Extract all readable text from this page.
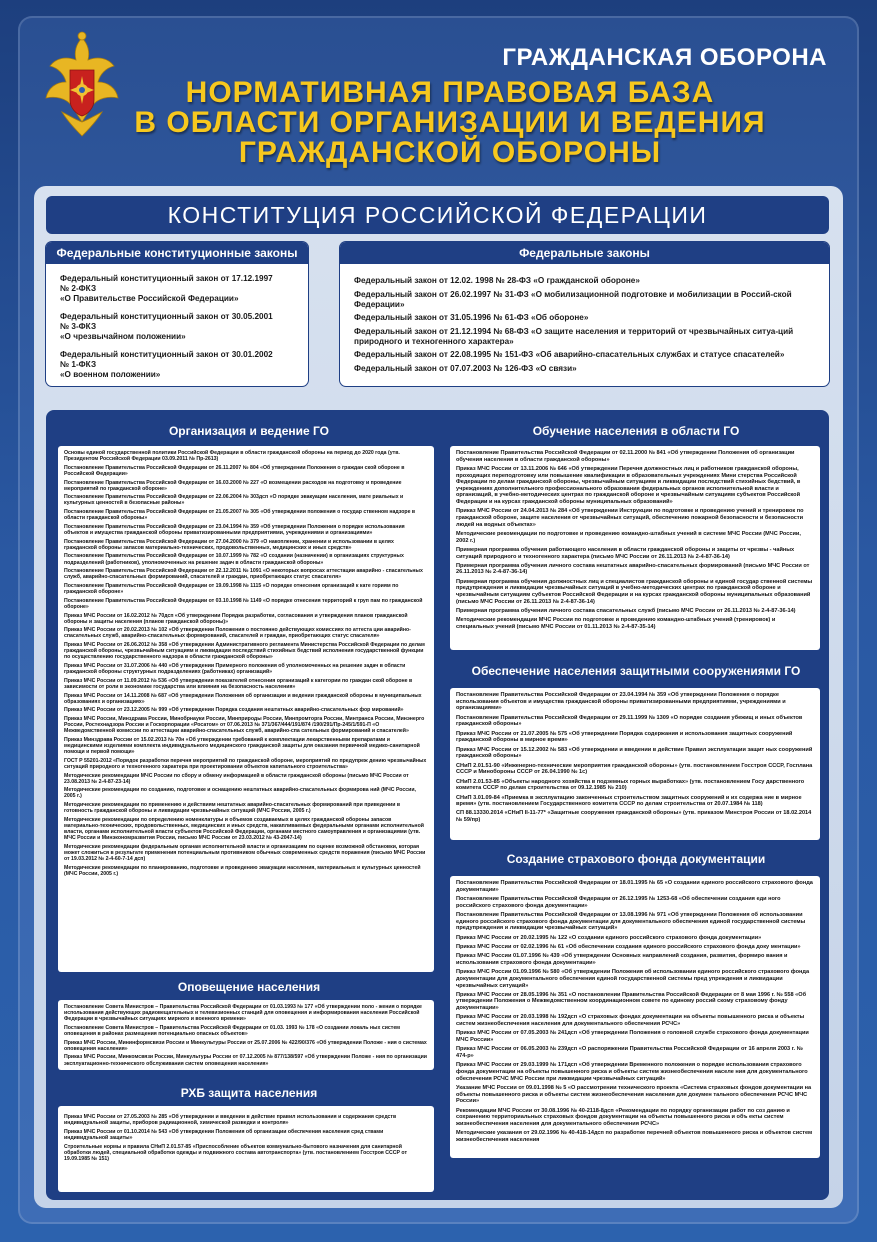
ГРАЖДАНСКАЯ ОБОРОНА
НОРМАТИВНАЯ ПРАВОВАЯ БАЗА
В ОБЛАСТИ ОРГАНИЗАЦИИ И ВЕДЕНИЯ
ГРАЖДАНСКОЙ ОБОРОНЫ
КОНСТИТУЦИЯ РОССИЙСКОЙ ФЕДЕРАЦИИ
Федеральные конституционные законы
Федеральный конституционный закон от 17.12.1997
№ 2-ФКЗ
«О Правительстве Российской Федерации»
Федеральный конституционный закон от 30.05.2001
№ 3-ФКЗ
«О чрезвычайном положении»
Федеральный конституционный закон от 30.01.2002
№ 1-ФКЗ
«О военном положении»
Федеральные законы
Федеральный закон от 12.02. 1998 № 28-ФЗ «О гражданской обороне»
Федеральный закон от 26.02.1997 № 31-ФЗ «О мобилизационной подготовке и мобилизации в Россий-ской Федерации»
Федеральный закон от 31.05.1996 № 61-ФЗ «Об обороне»
Федеральный закон от 21.12.1994 № 68-ФЗ «О защите населения и территорий от чрезвычайных ситуа-ций природного и техногенного характера»
Федеральный закон от 22.08.1995 № 151-ФЗ «Об аварийно-спасательных службах и статусе спасателей»
Федеральный закон от 07.07.2003 № 126-ФЗ «О связи»
Организация и ведение ГО
Основы единой государственной политики Российской Федерации в области гражданской обороны на период до 2020 года (утв. Президентом Российской Федерации 03.09.2011 № Пр-2613)
Постановление Правительства Российской Федерации от 26.11.2007 № 804 «Об утверждении Положения о граждан ской обороне в Российской Федерации»
Постановление Правительства Российской Федерации от 16.03.2000 № 227 «О возмещении расходов на подготовку и проведение мероприятий по гражданской обороне»
Постановление Правительства Российской Федерации от 22.06.2004 № 303дсп «О порядке эвакуации населения, мате риальных и культурных ценностей в безопасные районы»
Постановление Правительства Российской Федерации от 21.05.2007 № 305 «Об утверждении положения о государ ственном надзоре в области гражданской обороны»
Постановление Правительства Российской Федерации от 23.04.1994 № 359 «Об утверждении Положения о порядке использования объектов и имущества гражданской обороны приватизированными предприятиями, учреждениями и организациями»
Постановление Правительства Российской Федерации от 27.04.2000 № 379 «О накоплении, хранении и использовании в целях гражданской обороны запасов материально-технических, продовольственных, медицинских и иных средств»
Постановление Правительства Российской Федерации от 10.07.1999 № 782 «О создании (назначении) в организациях структурных подразделений (работников), уполномоченных на решение задач в области гражданской обороны»
Постановление Правительства Российской Федерации от 22.12.2011 № 1091 «О некоторых вопросах аттестации аварийно - спасательных служб, аварийно-спасательных формирований, спасателей и граждан, приобретающих статус спасателя»
Постановление Правительства Российской Федерации от 19.09.1998 № 1115 «О порядке отнесения организаций к кате гориям по гражданской обороне»
Постановление Правительства Российской Федерации от 03.10.1998 № 1149 «О порядке отнесения территорий к груп пам по гражданской обороне»
Приказ МЧС России от 16.02.2012 № 70дсп «Об утверждении Порядка разработки, согласования и утверждения планов гражданской обороны и защиты населения (планов гражданской обороны)»
Приказ МЧС России от 20.02.2013 № 102 «Об утверждении Положения о постоянно действующих комиссиях по аттеста ции аварийно-спасательных служб, аварийно-спасательных формирований, спасателей и граждан, приобретающих статус спасателя»
Приказ МЧС России от 26.06.2012 № 358 «Об утверждении Административного регламента Министерства Российской Федерации по делам гражданской обороны, чрезвычайным ситуациям и ликвидации последствий стихийных бедствий исполнения государственной функции по осуществлению государственного надзора в области гражданской обороны»
Приказ МЧС России от 31.07.2006 № 440 «Об утверждении Примерного положения об уполномоченных на решение задач в области гражданской обороны структурных подразделениях (работниках) организаций»
Приказ МЧС России от 11.09.2012 № 536 «Об утверждении показателей отнесения организаций к категории по граждан ской обороне в зависимости от роли в экономике государства или влияния на безопасность населения»
Приказ МЧС России от 14.11.2008 № 687 «Об утверждении Положения об организации и ведении гражданской обороны в муниципальных образованиях и организациях»
Приказ МЧС России от 23.12.2005 № 999 «Об утверждении Порядка создания нештатных аварийно-спасательных фор мирований»
Приказ МЧС России, Минздрава России, Минобрнауки России, Минприроды России, Минпромторга России, Минтранса России, Минэнерго России, Ростехнадзора России и Госкорпорации «Росатом» от 07.06.2013 № 371/367/444/191/874 /190/291/Пр-245/1/591-П «О Межведомственной комиссии по аттестации аварийно-спасательных служб, аварийно-спа сательных формирований и спасателей»
Приказ Минздрава России от 15.02.2013 № 70н «Об утверждении требований к комплектации лекарственными препаратами и медицинскими изделиями комплекта индивидуального медицинского гражданской защиты для оказания первичной медико-санитарной помощи и первой помощи»
ГОСТ Р 55201-2012 «Порядок разработки перечня мероприятий по гражданской обороне, мероприятий по предупреж дению чрезвычайных ситуаций природного и техногенного характера при проектировании объектов капитального строительства»
Методические рекомендации МЧС России по сбору и обмену информацией в области гражданской обороны (письмо МЧС России от 23.08.2013 № 2-4-87-23-14)
Методические рекомендации по созданию, подготовке и оснащению нештатных аварийно-спасательных формирова ний (МЧС России, 2005 г.)
Методические рекомендации по применению и действиям нештатных аварийно-спасательных формирований при приведении в готовность гражданской обороны и ликвидации чрезвычайных ситуаций (МЧС России, 2005 г.)
Методические рекомендации по определению номенклатуры и объемов создаваемых в целях гражданской обороны запасов материально-технических, продовольственных, медицинских и иных средств, накапливаемых федеральными органами исполнительной власти, органами исполнительной власти субъектов Российской Федерации, органами местного самоуправления и организациями (утв. МЧС России и Минэкономразвития России, письмо МЧС России от 23.03.2012 № 43-2047-14)
Методические рекомендации федеральным органам исполнительной власти и организациям по оценке возможной обстановки, которая может сложиться в результате применения потенциальным противником обычных современных средств поражения (письмо МЧС России от 19.03.2012 № 2-4-60-7-14 дсп)
Методические рекомендации по планированию, подготовке и проведению эвакуации населения, материальных и культурных ценностей (МЧС России, 2005 г.)
Оповещение населения
Постановление Совета Министров – Правительства Российской Федерации от 01.03.1993 № 177 «Об утверждении поло - жения о порядке использования действующих радиовещательных и телевизионных станций для оповещения и информирования населения Российской Федерации в чрезвычайных ситуациях мирного и военного времени»
Постановление Совета Министров – Правительства Российской Федерации от 01.03. 1993 № 178 «О создании локаль ных систем оповещения в районах размещения потенциально опасных объектов»
Приказ МЧС России, Мининформсвязи России и Минкультуры России от 25.07.2006 № 422/90/376 «Об утверждении Положе - ния о системах оповещения населения»
Приказ МЧС России, Минкомсвязи России, Минкультуры России от 07.12.2005 № 877/138/597 «Об утверждении Положе - ния по организации эксплуатационно-технического обслуживания систем оповещения населения»
РХБ защита населения
Приказ МЧС России от 27.05.2003 № 285 «Об утверждении и введении в действие правил использования и содержания средств индивидуальной защиты, приборов радиационной, химической разведки и контроля»
Приказ МЧС России от 01.10.2014 № 543 «Об утверждении Положения об организации обеспечения населения сред ствами индивидуальной защиты»
Строительные нормы и правила СНиП 2.01.57-85 «Приспособление объектов коммунально-бытового назначения для санитарной обработки людей, специальной обработки одежды и подвижного состава автотранспорта» (утв. постановлением Госстроя СССР от 19.09.1985 № 151)
Обучение населения в области ГО
Постановление Правительства Российской Федерации от 02.11.2000 № 841 «Об утверждении Положения об организации обучения населения в области гражданской обороны»
Приказ МЧС России от 13.11.2006 № 646 «Об утверждении Перечня должностных лиц и работников гражданской обороны, проходящих переподготовку или повышение квалификации в образовательных учреждениях Мини стерства Российской Федерации по делам гражданской обороны, чрезвычайным ситуациям и ликвидации последствий стихийных бедствий, в учреждениях дополнительного профессионального образования федеральных органов исполнительной власти и организаций, в учебно-методических центрах по гражданской обороне и чрезвычайным ситуациям субъектов Российской Федерации и на курсах гражданской обороны муниципальных образований»
Приказ МЧС России от 24.04.2013 № 284 «Об утверждении Инструкции по подготовке и проведению учений и тренировок по гражданской обороне, защите населения от чрезвычайных ситуаций, обеспечению пожарной безопасности и безопасности людей на водных объектах»
Методические рекомендации по подготовке и проведению командно-штабных учений в системе МЧС России (МЧС России, 2002 г.)
Примерная программа обучения работающего населения в области гражданской обороны и защиты от чрезвы - чайных ситуаций природного и техногенного характера (письмо МЧС России от 26.11.2013 № 2-4-87-36-14)
Примерная программа обучения личного состава нештатных аварийно-спасательных формирований (письмо МЧС России от 26.11.2013 № 2-4-87-36-14)
Примерная программа обучения должностных лиц и специалистов гражданской обороны и единой государ ственной системы предупреждения и ликвидации чрезвычайных ситуаций в учебно-методических центрах по гражданской обороне и чрезвычайным ситуациям субъектов Российской Федерации и на курсах гражданской обороны муниципальных образований (письмо МЧС России от 26.11.2013 № 2-4-87-36-14)
Примерная программа обучения личного состава спасательных служб (письмо МЧС России от 26.11.2013 № 2-4-87-36-14)
Методические рекомендации МЧС России по подготовке и проведению командно-штабных учений (тренировок) и специальных учений (письмо МЧС России от 01.11.2013 № 2-4-87-35-14)
Обеспечение населения защитными сооружениями ГО
Постановление Правительства Российской Федерации от 23.04.1994 № 359 «Об утверждении Положения о порядке использования объектов и имущества гражданской обороны приватизированными предприятиями, учреждениями и организациями»
Постановление Правительства Российской Федерации от 29.11.1999 № 1309 «О порядке создания убежищ и иных объектов гражданской обороны»
Приказ МЧС России от 21.07.2005 № 575 «Об утверждении Порядка содержания и использования защитных сооружений гражданской обороны в мирное время»
Приказ МЧС России от 15.12.2002 № 583 «Об утверждении и введении в действие Правил эксплуатации защит ных сооружений гражданской обороны»
СНиП 2.01.51-90 «Инженерно-технические мероприятия гражданской обороны» (утв. постановлением Госстроя СССР, Госплана СССР и Минобороны СССР от 26.04.1990 № 1с)
СНиП 2.01.53-85 «Объекты народного хозяйства в подземных горных выработках» (утв. постановлением Госу дарственного комитета СССР по делам строительства от 09.12.1985 № 210)
СНиП 3.01.09-84 «Приемка в эксплуатацию законченных строительством защитных сооружений и их содержа ние в мирное время» (утв. постановлением Государственного комитета СССР по делам строительства от 20.07.1984 № 118)
СП 88.13330.2014 «СНиП II-11-77* «Защитные сооружения гражданской обороны» (утв. приказом Минстроя России от 18.02.2014 № 59/пр)
Создание страхового фонда документации
Постановление Правительства Российской Федерации от 18.01.1995 № 65 «О создании единого российского страхового фонда документации»
Постановление Правительства Российской Федерации от 26.12.1995 № 1253-68 «Об обеспечении создания еди ного российского страхового фонда документации»
Постановление Правительства Российской Федерации от 13.08.1996 № 971 «Об утверждении Положения об использовании единого российского страхового фонда документации для документального обеспечения единой государственной системы предупреждения и ликвидации чрезвычайных ситуаций»
Приказ МЧС России от 20.02.1995 № 122 «О создании единого российского страхового фонда документации»
Приказ МЧС России от 02.02.1996 № 61 «Об обеспечении создания единого российского страхового фонда доку ментации»
Приказ МЧС России 01.07.1996 № 439 «Об утверждении Основных направлений создания, развития, формиро вания и использования страхового фонда документации»
Приказ МЧС России 01.09.1996 № 580 «Об утверждении Положения об использовании единого российского страхового фонда документации для документального обеспечения единой государственной системы пред упреждения и ликвидации чрезвычайных ситуаций»
Приказ МЧС России от 28.05.1996 № 351 «О постановлении Правительства Российской Федерации от 8 мая 1996 г. № 558 «Об утверждении Положения о Межведомственном координационном совете по единому россий скому страховому фонду документации»
Приказ МЧС России от 20.03.1998 № 192дсп «О страховых фондах документации на объекты повышенного риска и объекты систем жизнеобеспечения населения для документального обеспечения РСЧС»
Приказ МЧС России от 07.05.2003 № 241дсп «Об утверждении Положения о головной службе страхового фонда документации МЧС России»
Приказ МЧС России от 06.05.2003 № 239дсп «О распоряжении Правительства Российской Федерации от 16 апреля 2003 г. № 474-р»
Приказ МЧС России от 29.03.1999 № 171дсп «Об утверждении Временного положения о порядке использования страхового фонда документации на объекты повышенного риска и объекты систем жизнеобеспечения населе ния для документального обеспечения РСЧС МЧС России при ликвидации чрезвычайных ситуаций»
Указание МЧС России от 09.01.1998 № 5 «О рассмотрении технического проекта «Система страховых фондов документации на объекты повышенного риска и объекты систем жизнеобеспечения населения для докумен тального обеспечения РСЧС МЧС России»
Рекомендации МЧС России от 30.08.1996 № 40-2118-8дсп «Рекомендации по порядку организации работ по соз данию и сохранению территориальных страховых фондов документации на объекты повышенного риска и объ екты систем жизнеобеспечения населения для документального обеспечения РСЧС»
Методические указания от 29.02.1996 № 40-418-14дсп по разработке перечней объектов повышенного риска и объектов систем жизнеобеспечения населения
